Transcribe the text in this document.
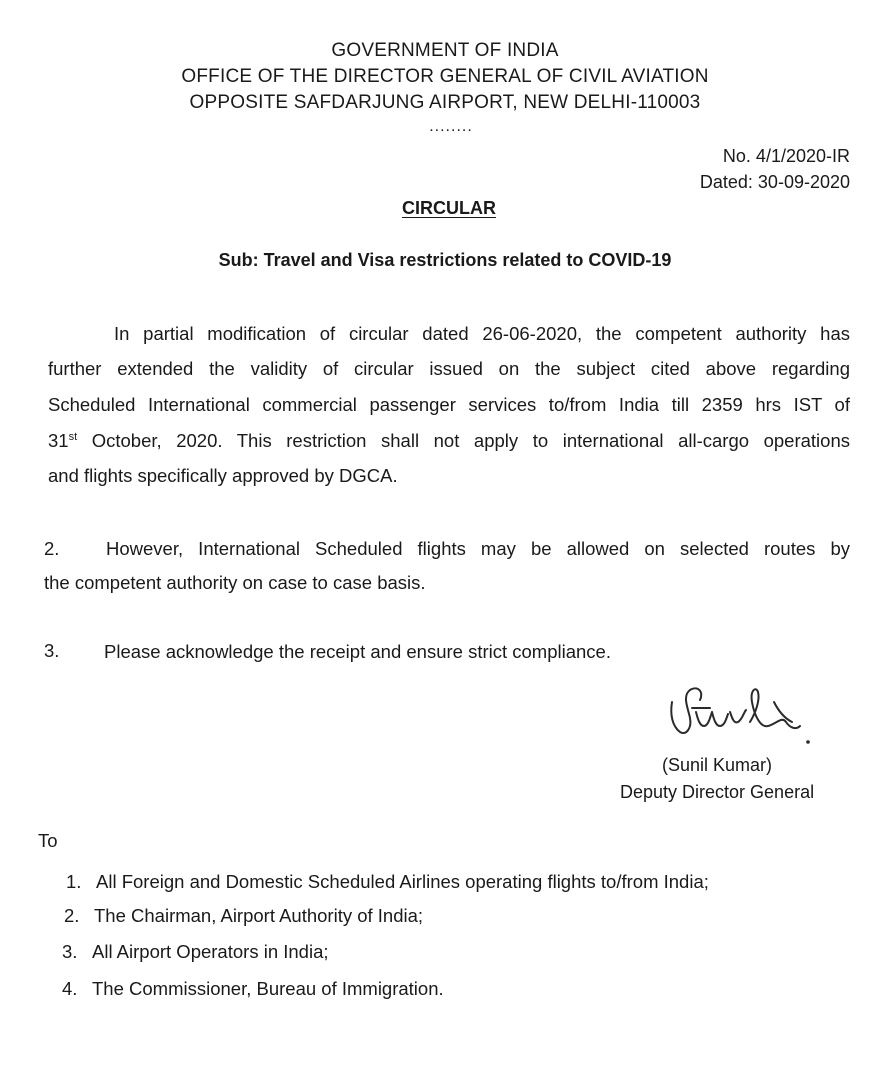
GOVERNMENT OF INDIA
OFFICE OF THE DIRECTOR GENERAL OF CIVIL AVIATION
OPPOSITE SAFDARJUNG AIRPORT, NEW DELHI-110003
........
No. 4/1/2020-IR
Dated: 30-09-2020
CIRCULAR
Sub: Travel and Visa restrictions related to COVID-19
In partial modification of circular dated 26-06-2020, the competent authority has
further extended the validity of circular issued on the subject cited above regarding
Scheduled International commercial passenger services to/from India till 2359 hrs IST of
31st October, 2020. This restriction shall not apply to international all-cargo operations
and flights specifically approved by DGCA.
2.	However, International Scheduled flights may be allowed on selected routes by
the competent authority on case to case basis.
3. Please acknowledge the receipt and ensure strict compliance.
(Sunil Kumar)
Deputy Director General
To
1. All Foreign and Domestic Scheduled Airlines operating flights to/from India;
2. The Chairman, Airport Authority of India;
3. All Airport Operators in India;
4. The Commissioner, Bureau of Immigration.
